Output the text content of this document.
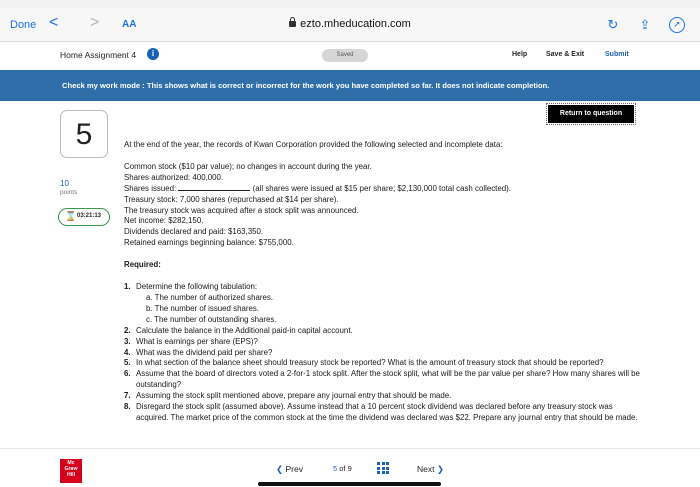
Done < > AA	ezto.mheducation.com	↻ ⇪	➚
Home Assignment 4	i	Saved	Help	Save & Exit	Submit
Check my work mode : This shows what is correct or incorrect for the work you have completed so far. It does not indicate completion.
Return to question
5
10
points
⌛ 03:21:13
At the end of the year, the records of Kwan Corporation provided the following selected and incomplete data:
Common stock ($10 par value); no changes in account during the year.
Shares authorized: 400,000.
Shares issued:	(all shares were issued at $15 per share; $2,130,000 total cash collected).
Treasury stock: 7,000 shares (repurchased at $14 per share).
The treasury stock was acquired after a stock split was announced.
Net income: $282,150.
Dividends declared and paid: $163,350.
Retained earnings beginning balance: $755,000.
Required:
1. Determine the following tabulation:
a. The number of authorized shares.
b. The number of issued shares.
c. The number of outstanding shares.
2. Calculate the balance in the Additional paid-in capital account.
3. What is earnings per share (EPS)?
4. What was the dividend paid per share?
5. In what section of the balance sheet should treasury stock be reported? What is the amount of treasury stock that should be reported?
6. Assume that the board of directors voted a 2-for-1 stock split. After the stock split, what will be the par value per share? How many shares will be outstanding?
7. Assuming the stock split mentioned above, prepare any journal entry that should be made.
8. Disregard the stock split (assumed above). Assume instead that a 10 percent stock dividend was declared before any treasury stock was acquired. The market price of the common stock at the time the dividend was declared was $22. Prepare any journal entry that should be made.
Mc
Graw
Hill
❮ Prev	5 of 9	Next ❯
